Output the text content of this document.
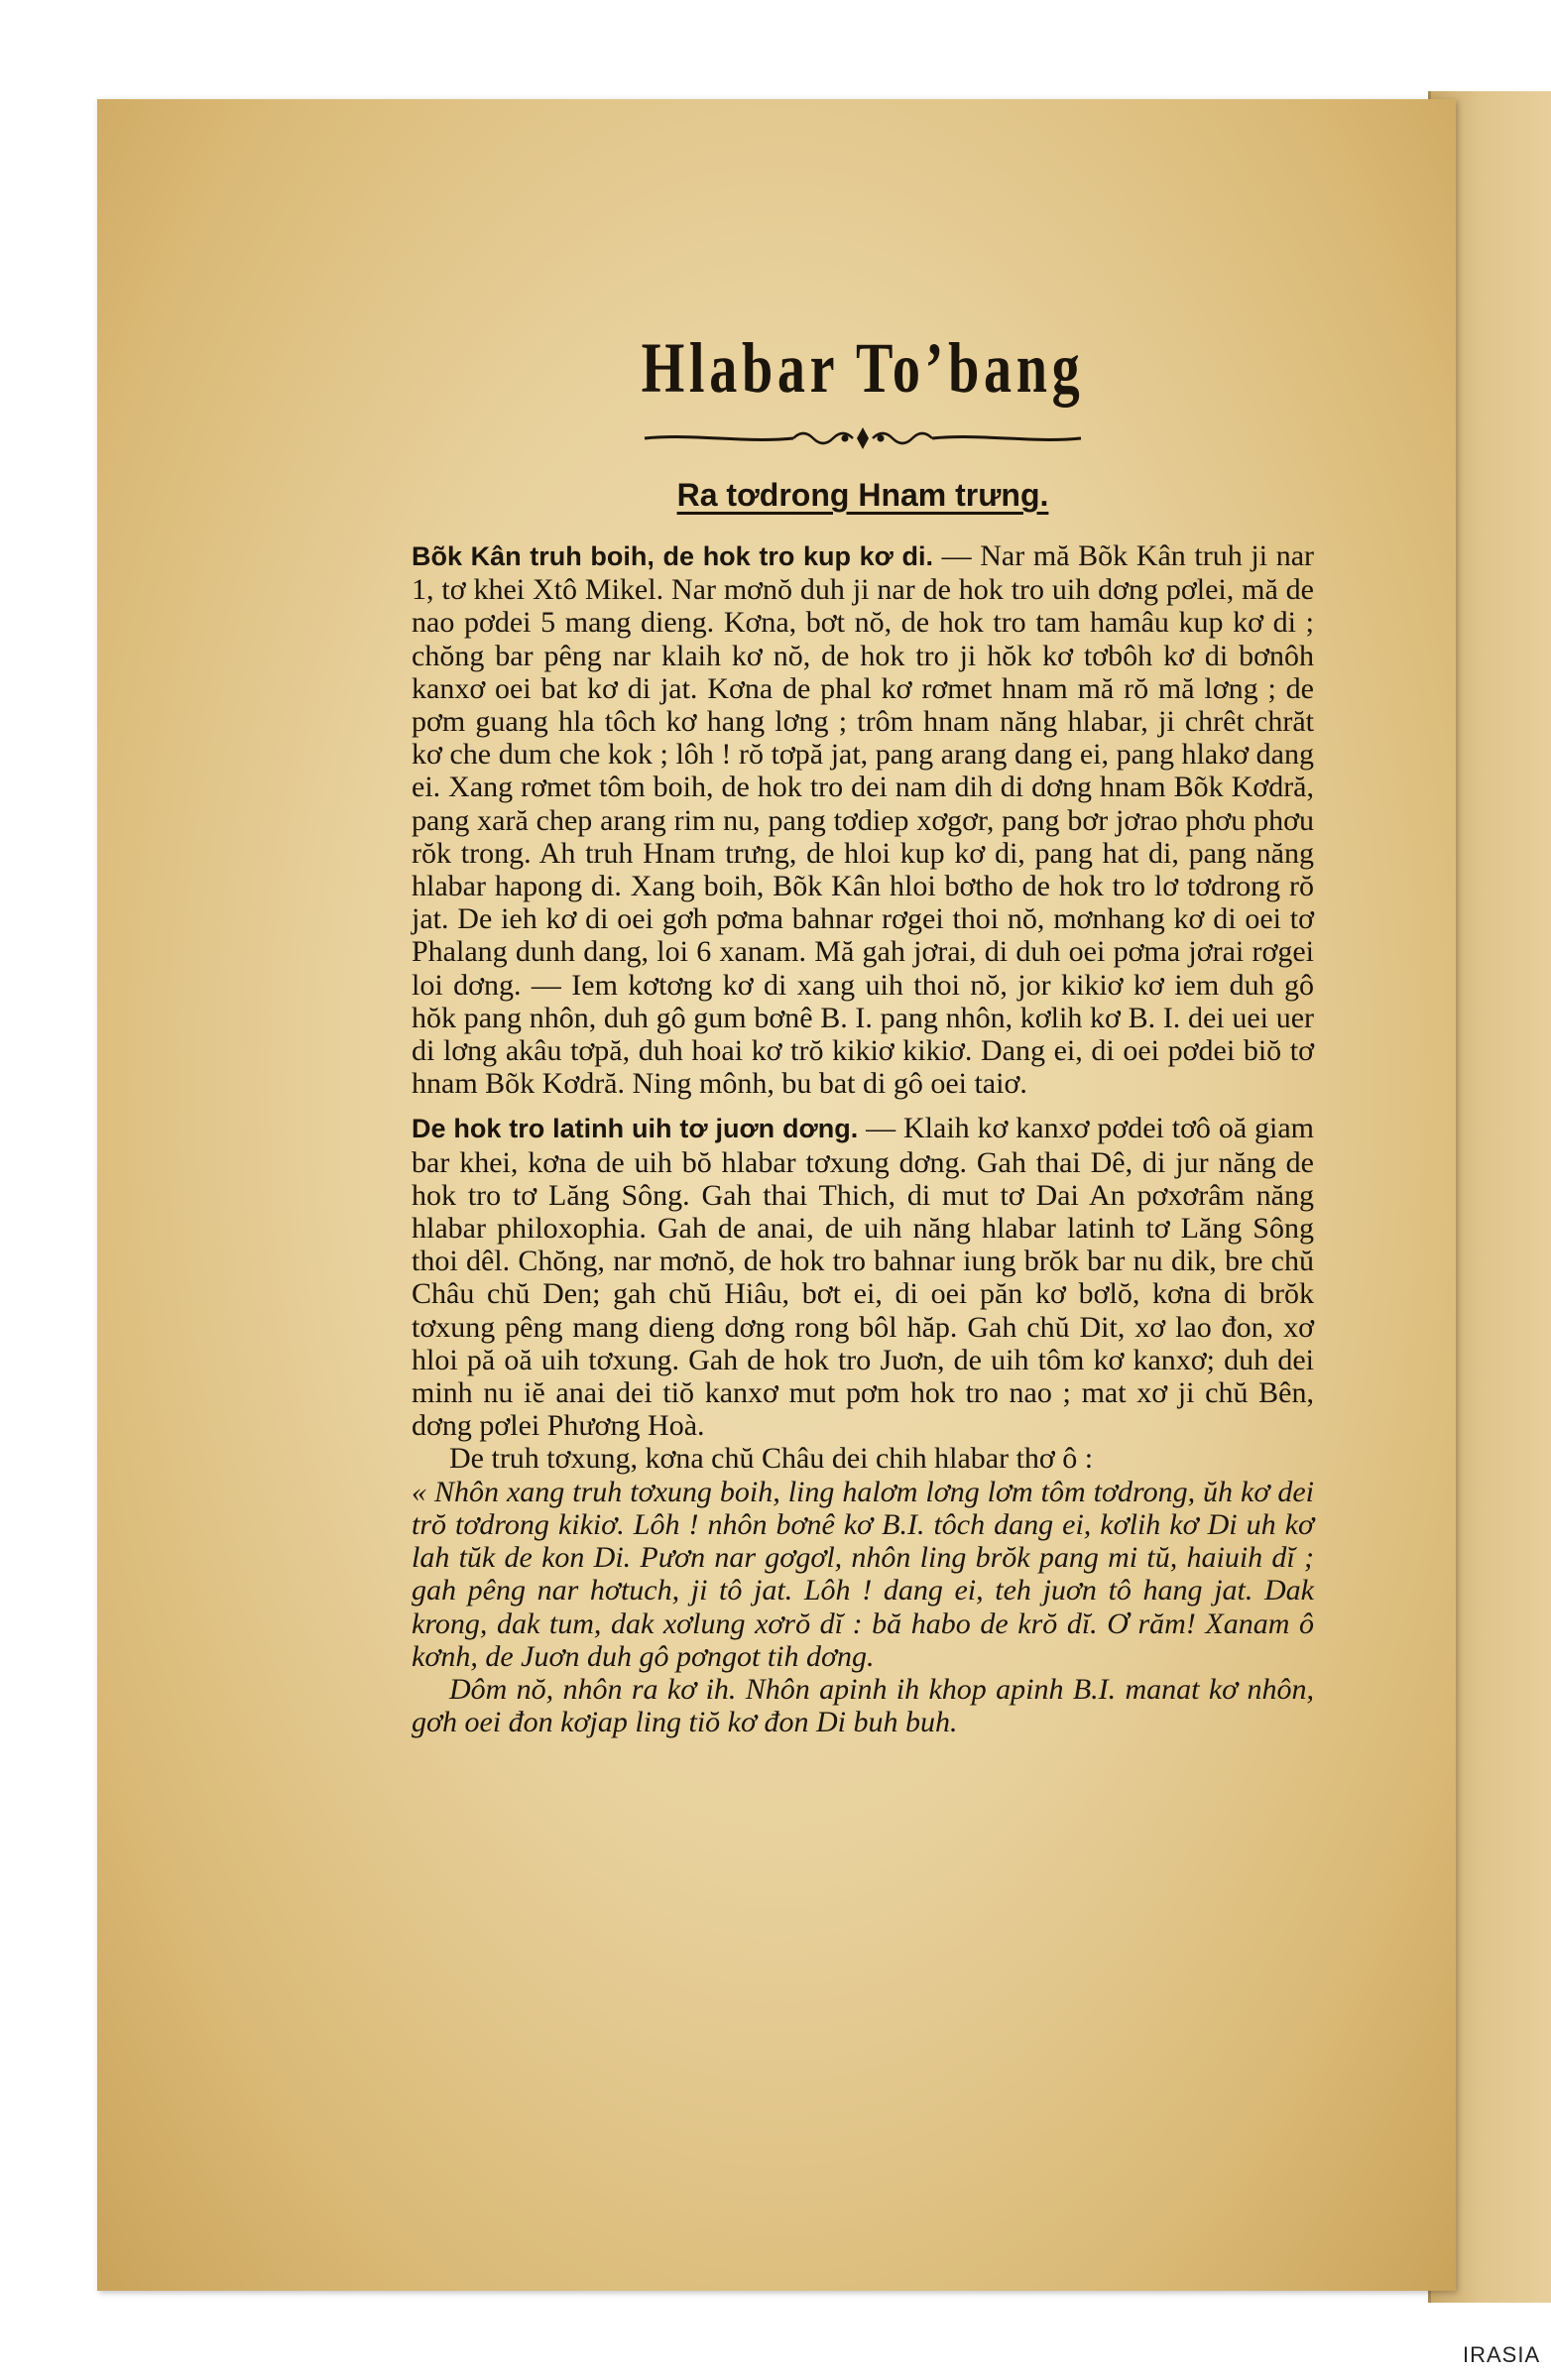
Hlabar To’bang

Ra tơdrong Hnam trưng.

Bõk Kân truh boih, de hok tro kup kơ di. — Nar mă Bõk Kân truh ji nar 1, tơ khei Xtô Mikel. Nar mơnŏ duh ji nar de hok tro uih dơng pơlei, mă de nao pơdei 5 mang dieng. Kơna, bơt nŏ, de hok tro tam hamâu kup kơ di ; chŏng bar pêng nar klaih kơ nŏ, de hok tro ji hŏk kơ tơbôh kơ di bơnôh kanxơ oei bat kơ di jat. Kơna de phal kơ rơmet hnam mă rŏ mă lơng ; de pơm guang hla tôch kơ hang lơng ; trôm hnam năng hlabar, ji chrêt chrăt kơ che dum che kok ; lôh ! rŏ tơpă jat, pang arang dang ei, pang hlakơ dang ei. Xang rơmet tôm boih, de hok tro dei nam dih di dơng hnam Bõk Kơdră, pang xară chep arang rim nu, pang tơdiep xơgơr, pang bơr jơrao phơu phơu rŏk trong. Ah truh Hnam trưng, de hloi kup kơ di, pang hat di, pang năng hlabar hapong di. Xang boih, Bõk Kân hloi bơtho de hok tro lơ tơdrong rŏ jat. De ieh kơ di oei gơh pơma bahnar rơgei thoi nŏ, mơnhang kơ di oei tơ Phalang dunh dang, loi 6 xanam. Mă gah jơrai, di duh oei pơma jơrai rơgei loi dơng. — Iem kơtơng kơ di xang uih thoi nŏ, jor kikiơ kơ iem duh gô hŏk pang nhôn, duh gô gum bơnê B. I. pang nhôn, kơlih kơ B. I. dei uei uer di lơng akâu tơpă, duh hoai kơ trŏ kikiơ kikiơ. Dang ei, di oei pơdei biŏ tơ hnam Bõk Kơdră. Ning mônh, bu bat di gô oei taiơ.

De hok tro latinh uih tơ juơn dơng. — Klaih kơ kanxơ pơdei tơô oă giam bar khei, kơna de uih bŏ hlabar tơxung dơng. Gah thai Dê, di jur năng de hok tro tơ Lăng Sông. Gah thai Thich, di mut tơ Dai An pơxơrâm năng hlabar philoxophia. Gah de anai, de uih năng hlabar latinh tơ Lăng Sông thoi dêl. Chŏng, nar mơnŏ, de hok tro bahnar iung brŏk bar nu dik, bre chŭ Châu chŭ Den; gah chŭ Hiâu, bơt ei, di oei păn kơ bơlŏ, kơna di brŏk tơxung pêng mang dieng dơng rong bôl hăp. Gah chŭ Dit, xơ lao đon, xơ hloi pă oă uih tơxung. Gah de hok tro Juơn, de uih tôm kơ kanxơ; duh dei minh nu iĕ anai dei tiŏ kanxơ mut pơm hok tro nao ; mat xơ ji chŭ Bên, dơng pơlei Phương Hoà.

De truh tơxung, kơna chŭ Châu dei chih hlabar thơ ô :

« Nhôn xang truh tơxung boih, ling halơm lơng lơm tôm tơdrong, ŭh kơ dei trŏ tơdrong kikiơ. Lôh ! nhôn bơnê kơ B.I. tôch dang ei, kơlih kơ Di uh kơ lah tŭk de kon Di. Pươn nar gơgơl, nhôn ling brŏk pang mi tŭ, haiuih dĭ ; gah pêng nar hơtuch, ji tô jat. Lôh ! dang ei, teh juơn tô hang jat. Dak krong, dak tum, dak xơlung xơrŏ dĭ : bă habo de krŏ dĭ. Ơ răm! Xanam ô kơnh, de Juơn duh gô pơngot tih dơng.

Dôm nŏ, nhôn ra kơ ih. Nhôn apinh ih khop apinh B.I. manat kơ nhôn, gơh oei đon kơjap ling tiŏ kơ đon Di buh buh.

IRASIA
